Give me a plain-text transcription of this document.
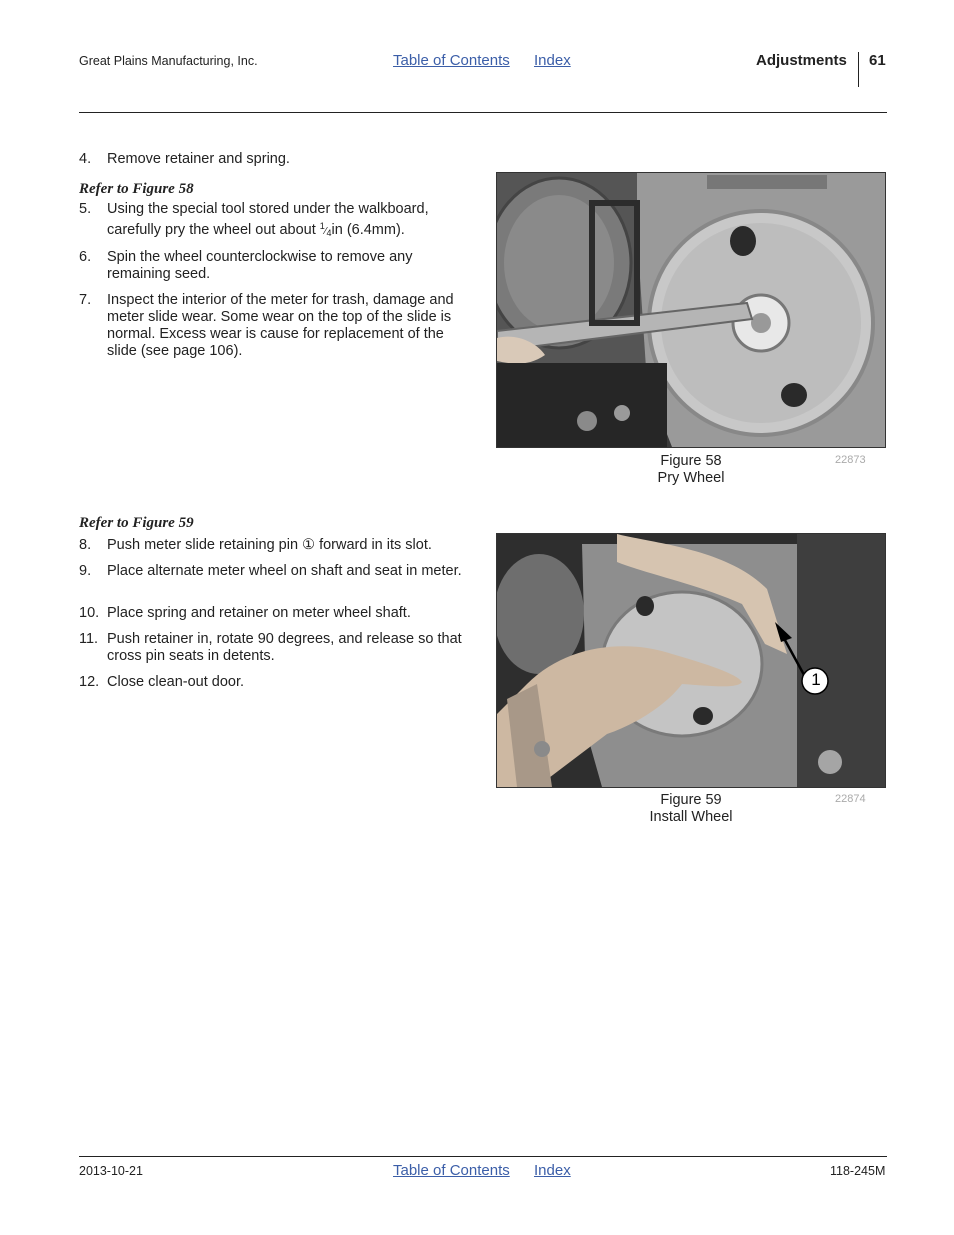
Great Plains Manufacturing, Inc.	Table of Contents Index	Adjustments 61
4. Remove retainer and spring.
Refer to Figure 58
5. Using the special tool stored under the walkboard,
carefully pry the wheel out about $^1⁄_4in$ (6.4mm).
6. Spin the wheel counterclockwise to remove any remaining seed.
7. Inspect the interior of the meter for trash, damage and meter slide wear. Some wear on the top of the slide is normal. Excess wear is cause for replacement of the slide (see page 106).
Figure 58
Pry Wheel
22873
Refer to Figure 59
8. Push meter slide retaining pin ① forward in its slot.
9. Place alternate meter wheel on shaft and seat in meter.
10. Place spring and retainer on meter wheel shaft.
11. Push retainer in, rotate 90 degrees, and release so that cross pin seats in detents.
12. Close clean-out door.	1
Figure 59
Install Wheel
22874
2013-10-21	Table of Contents Index	118-245M
